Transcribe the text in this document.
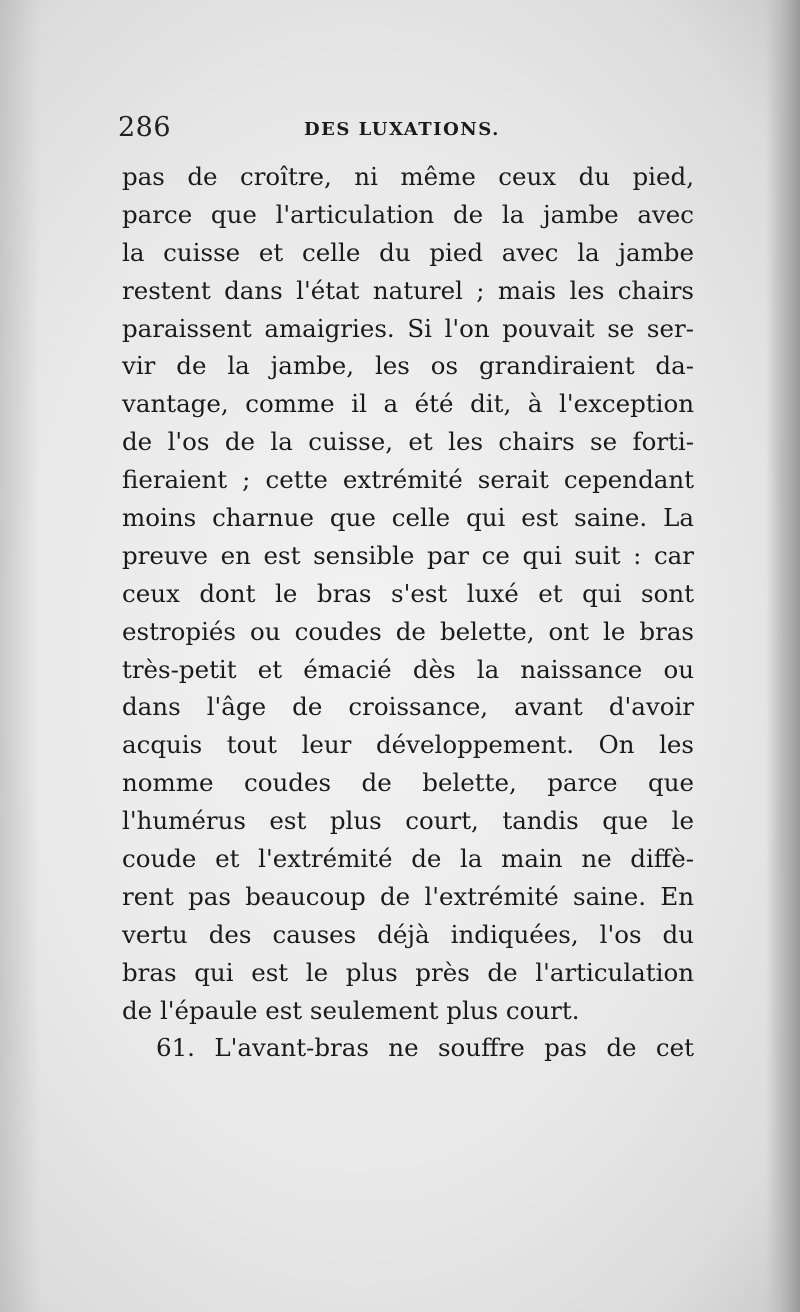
286	DES LUXATIONS.
pas de croître, ni même ceux du pied,
parce que l'articulation de la jambe avec
la cuisse et celle du pied avec la jambe
restent dans l'état naturel ; mais les chairs
paraissent amaigries. Si l'on pouvait se ser-
vir de la jambe, les os grandiraient da-
vantage, comme il a été dit, à l'exception
de l'os de la cuisse, et les chairs se forti-
fieraient ; cette extrémité serait cependant
moins charnue que celle qui est saine. La
preuve en est sensible par ce qui suit : car
ceux dont le bras s'est luxé et qui sont
estropiés ou coudes de belette, ont le bras
très-petit et émacié dès la naissance ou
dans l'âge de croissance, avant d'avoir
acquis tout leur développement. On les
nomme coudes de belette, parce que
l'humérus est plus court, tandis que le
coude et l'extrémité de la main ne diffè-
rent pas beaucoup de l'extrémité saine. En
vertu des causes déjà indiquées, l'os du
bras qui est le plus près de l'articulation
de l'épaule est seulement plus court.
61. L'avant-bras ne souffre pas de cet
